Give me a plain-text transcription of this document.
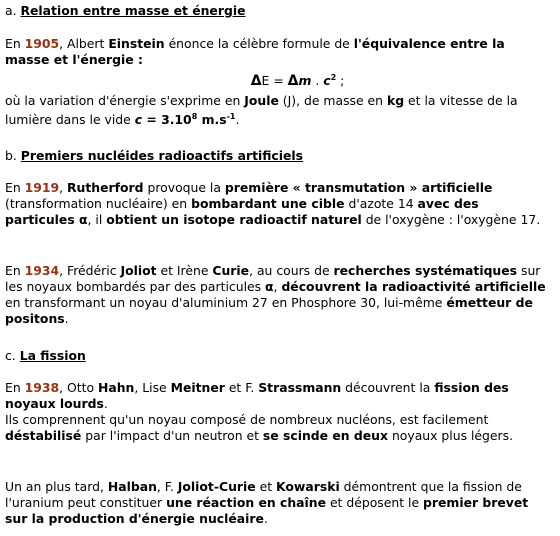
a. Relation entre masse et énergie

En 1905, Albert Einstein énonce la célèbre formule de l'équivalence entre la masse et l'énergie :

ΔE = Δm . $c^2$ ;

où la variation d'énergie s'exprime en Joule (J), de masse en kg et la vitesse de la lumière dans le vide $c = 3.10^8$ $m.s^{-1}$.

b. Premiers nucléides radioactifs artificiels

En 1919, Rutherford provoque la première « transmutation » artificielle (transformation nucléaire) en bombardant une cible d'azote 14 avec des particules α, il obtient un isotope radioactif naturel de l'oxygène : l'oxygène 17.

En 1934, Frédéric Joliot et Irène Curie, au cours de recherches systématiques sur les noyaux bombardés par des particules α, découvrent la radioactivité artificielle en transformant un noyau d'aluminium 27 en Phosphore 30, lui-même émetteur de positons.

c. La fission

En 1938, Otto Hahn, Lise Meitner et F. Strassmann découvrent la fission des noyaux lourds.
Ils comprennent qu'un noyau composé de nombreux nucléons, est facilement déstabilisé par l'impact d'un neutron et se scinde en deux noyaux plus légers.

Un an plus tard, Halban, F. Joliot-Curie et Kowarski démontrent que la fission de l'uranium peut constituer une réaction en chaîne et déposent le premier brevet sur la production d'énergie nucléaire.
